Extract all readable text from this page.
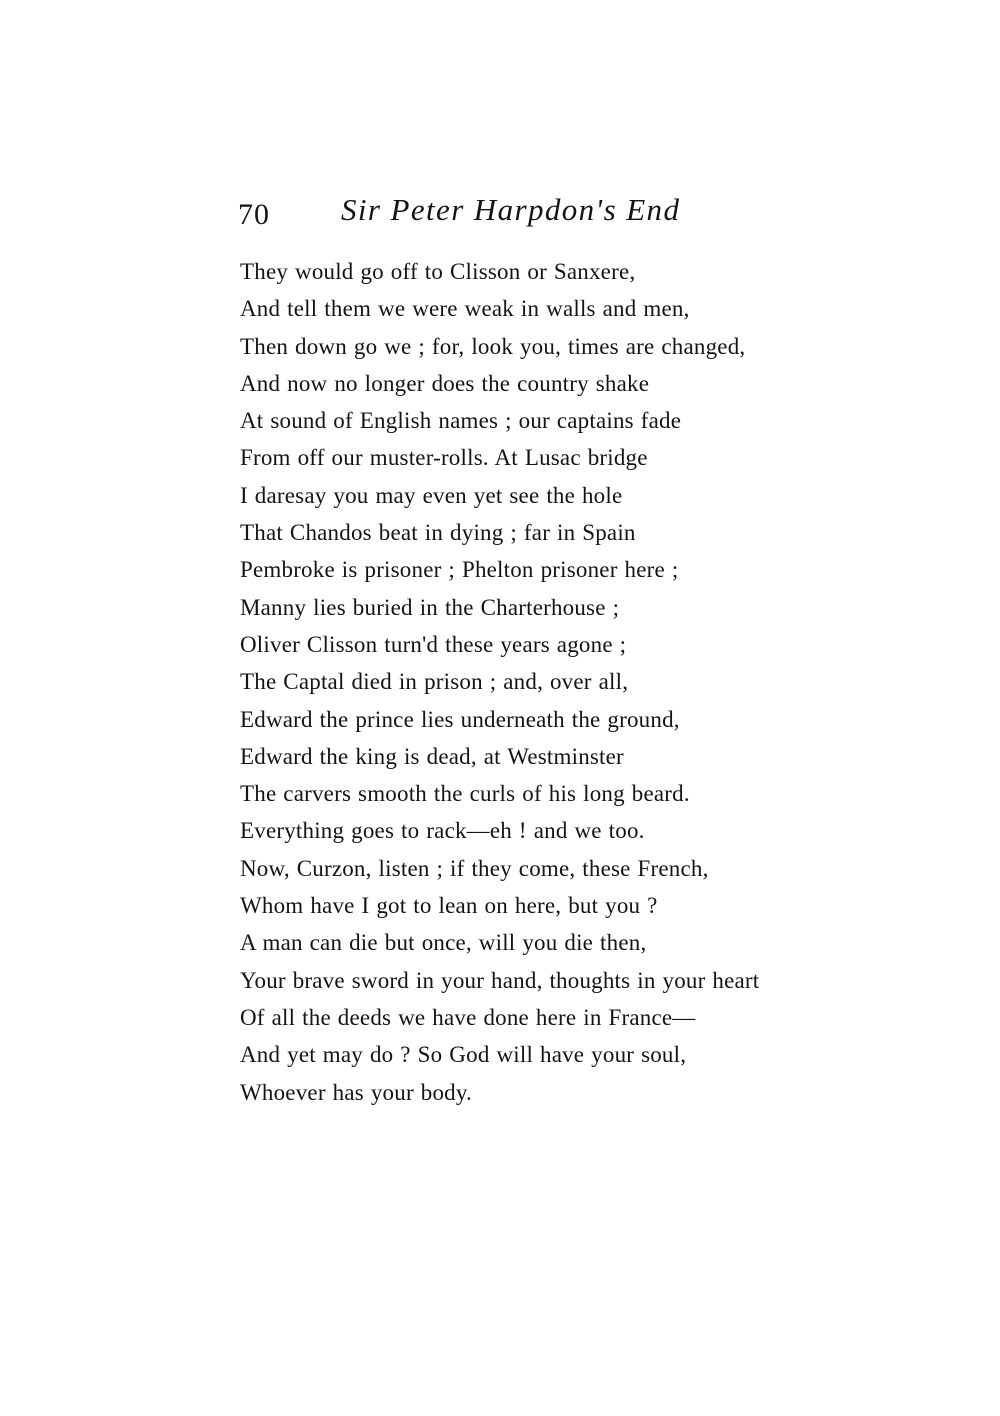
70 Sir Peter Harpdon's End
They would go off to Clisson or Sanxere,
And tell them we were weak in walls and men,
Then down go we ; for, look you, times are changed,
And now no longer does the country shake
At sound of English names ; our captains fade
From off our muster-rolls. At Lusac bridge
I daresay you may even yet see the hole
That Chandos beat in dying ; far in Spain
Pembroke is prisoner ; Phelton prisoner here ;
Manny lies buried in the Charterhouse ;
Oliver Clisson turn'd these years agone ;
The Captal died in prison ; and, over all,
Edward the prince lies underneath the ground,
Edward the king is dead, at Westminster
The carvers smooth the curls of his long beard.
Everything goes to rack—eh ! and we too.
Now, Curzon, listen ; if they come, these French,
Whom have I got to lean on here, but you ?
A man can die but once, will you die then,
Your brave sword in your hand, thoughts in your heart
Of all the deeds we have done here in France—
And yet may do ? So God will have your soul,
Whoever has your body.
